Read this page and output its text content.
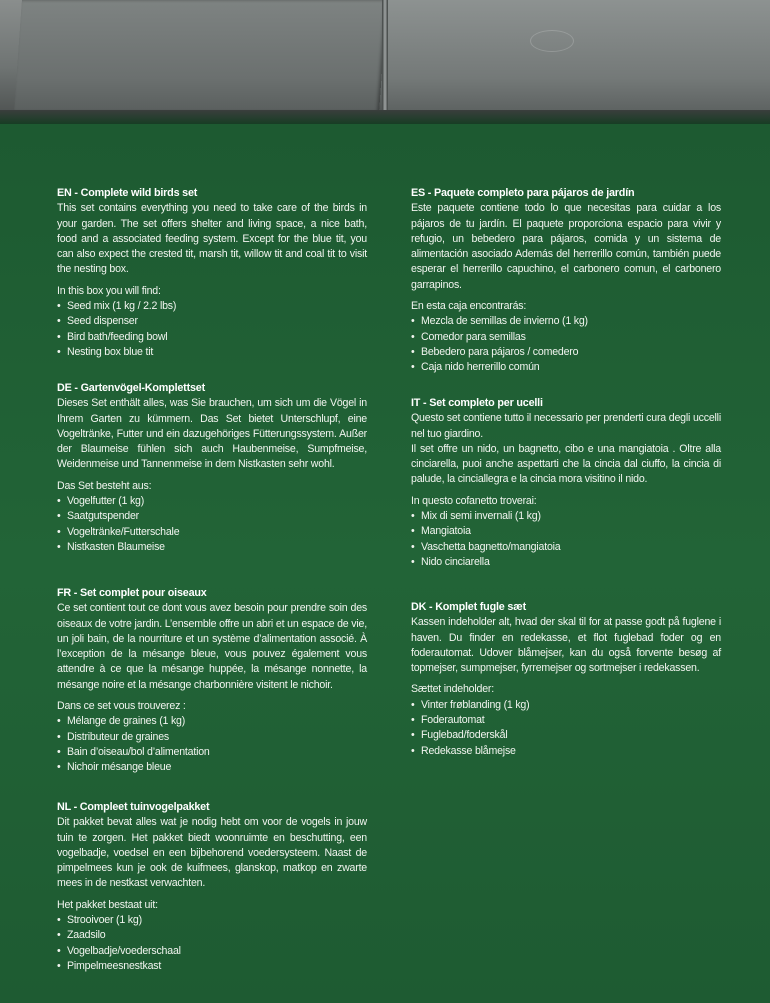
EN - Complete wild birds set

This set contains everything you need to take care of the birds in your garden. The set offers shelter and living space, a nice bath, food and a associated feeding system. Except for the blue tit, you can also expect the crested tit, marsh tit, willow tit and coal tit to visit the nesting box.

In this box you will find:

• Seed mix (1 kg / 2.2 lbs)
• Seed dispenser
• Bird bath/feeding bowl
• Nesting box blue tit
ES - Paquete completo para pájaros de jardín

Este paquete contiene todo lo que necesitas para cuidar a los pájaros de tu jardín. El paquete proporciona espacio para vivir y refugio, un bebedero para pájaros, comida y un sistema de alimentación asociado Además del herrerillo común, también puede esperar el herrerillo capuchino, el carbonero comun, el carbonero garrapinos.

En esta caja encontrarás:

• Mezcla de semillas de invierno (1 kg)
• Comedor para semillas
• Bebedero para pájaros / comedero
• Caja nido herrerillo común
DE - Gartenvögel-Komplettset

Dieses Set enthält alles, was Sie brauchen, um sich um die Vögel in Ihrem Garten zu kümmern. Das Set bietet Unterschlupf, eine Vogeltränke, Futter und ein dazugehöriges Fütterungssystem. Außer der Blaumeise fühlen sich auch Haubenmeise, Sumpfmeise, Weidenmeise und Tannenmeise in dem Nistkasten sehr wohl.

Das Set besteht aus:

• Vogelfutter (1 kg)
• Saatgutspender
• Vogeltränke/Futterschale
• Nistkasten Blaumeise
IT - Set completo per ucelli

Questo set contiene tutto il necessario per prenderti cura degli uccelli nel tuo giardino.

Il set offre un nido, un bagnetto, cibo e una mangiatoia . Oltre alla cinciarella, puoi anche aspettarti che la cincia dal ciuffo, la cincia di palude, la cinciallegra e la cincia mora visitino il nido.

In questo cofanetto troverai:

• Mix di semi invernali (1 kg)
• Mangiatoia
• Vaschetta bagnetto/mangiatoia
• Nido cinciarella
FR - Set complet pour oiseaux

Ce set contient tout ce dont vous avez besoin pour prendre soin des oiseaux de votre jardin. L’ensemble offre un abri et un espace de vie, un joli bain, de la nourriture et un système d’alimentation associé. À l’exception de la mésange bleue, vous pouvez également vous attendre à ce que la mésange huppée, la mésange nonnette, la mésange noire et la mésange charbonnière visitent le nichoir.

Dans ce set vous trouverez :

• Mélange de graines (1 kg)
• Distributeur de graines
• Bain d’oiseau/bol d’alimentation
• Nichoir mésange bleue
DK - Komplet fugle sæt

Kassen indeholder alt, hvad der skal til for at passe godt på fuglene i haven. Du finder en redekasse, et flot fuglebad foder og en foderautomat. Udover blåmejser, kan du også forvente besøg af topmejser, sumpmejser, fyrremejser og sortmejser i redekassen.

Sættet indeholder:

• Vinter frøblanding (1 kg)
• Foderautomat
• Fuglebad/foderskål
• Redekasse blåmejse
NL - Compleet tuinvogelpakket

Dit pakket bevat alles wat je nodig hebt om voor de vogels in jouw tuin te zorgen. Het pakket biedt woonruimte en beschutting, een vogelbadje, voedsel en een bijbehorend voedersysteem. Naast de pimpelmees kun je ook de kuifmees, glanskop, matkop en zwarte mees in de nestkast verwachten.

Het pakket bestaat uit:

• Strooivoer (1 kg)
• Zaadsilo
• Vogelbadje/voederschaal
• Pimpelmeesnestkast
